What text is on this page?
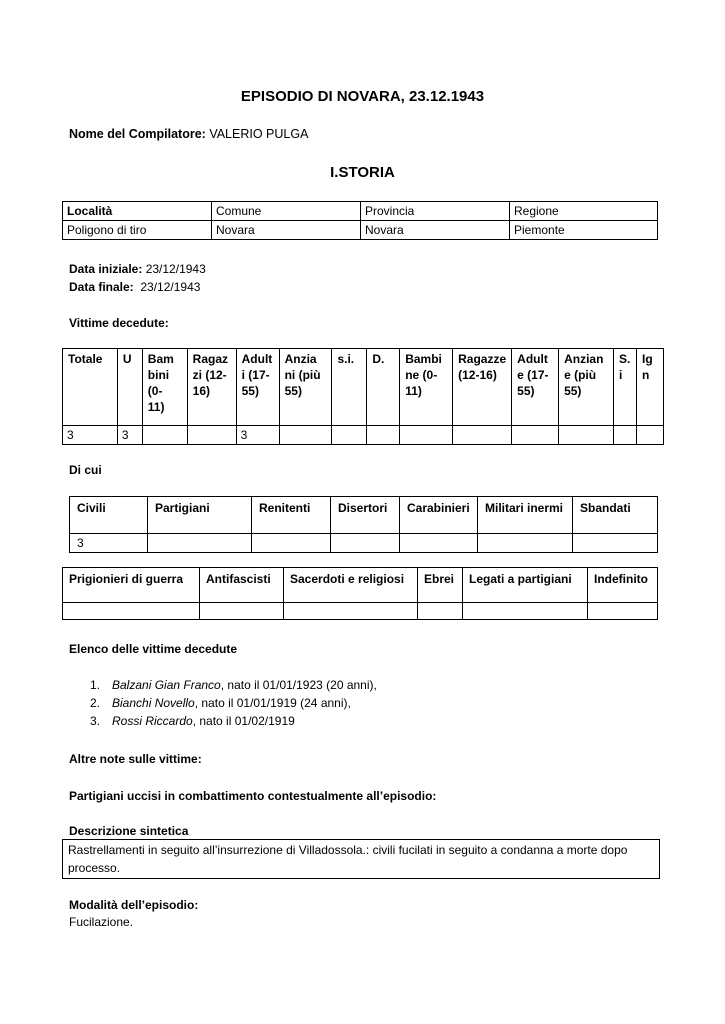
EPISODIO DI NOVARA, 23.12.1943
Nome del Compilatore: VALERIO PULGA
I.STORIA
Località	Comune	Provincia	Regione
Poligono di tiro	Novara	Novara	Piemonte
Data iniziale: 23/12/1943
Data finale: 23/12/1943
Vittime decedute:
Totale	U	Bam bini (0- 11)	Ragaz zi (12- 16)	Adult i (17- 55)	Anzia ni (più 55)	s.i.	D.	Bambi ne (0- 11)	Ragazze (12-16)	Adult e (17- 55)	Anzian e (più 55)	S. i	Ig n
3	3			3									
Di cui
Civili	Partigiani	Renitenti	Disertori	Carabinieri	Militari inermi	Sbandati
3						
Prigionieri di guerra	Antifascisti	Sacerdoti e religiosi	Ebrei	Legati a partigiani	Indefinito

Elenco delle vittime decedute
1. Balzani Gian Franco, nato il 01/01/1923 (20 anni),
2. Bianchi Novello, nato il 01/01/1919 (24 anni),
3. Rossi Riccardo, nato il 01/02/1919
Altre note sulle vittime:
Partigiani uccisi in combattimento contestualmente all’episodio:
Descrizione sintetica
Rastrellamenti in seguito all’insurrezione di Villadossola.: civili fucilati in seguito a condanna a morte dopo processo.
Modalità dell’episodio:
Fucilazione.
